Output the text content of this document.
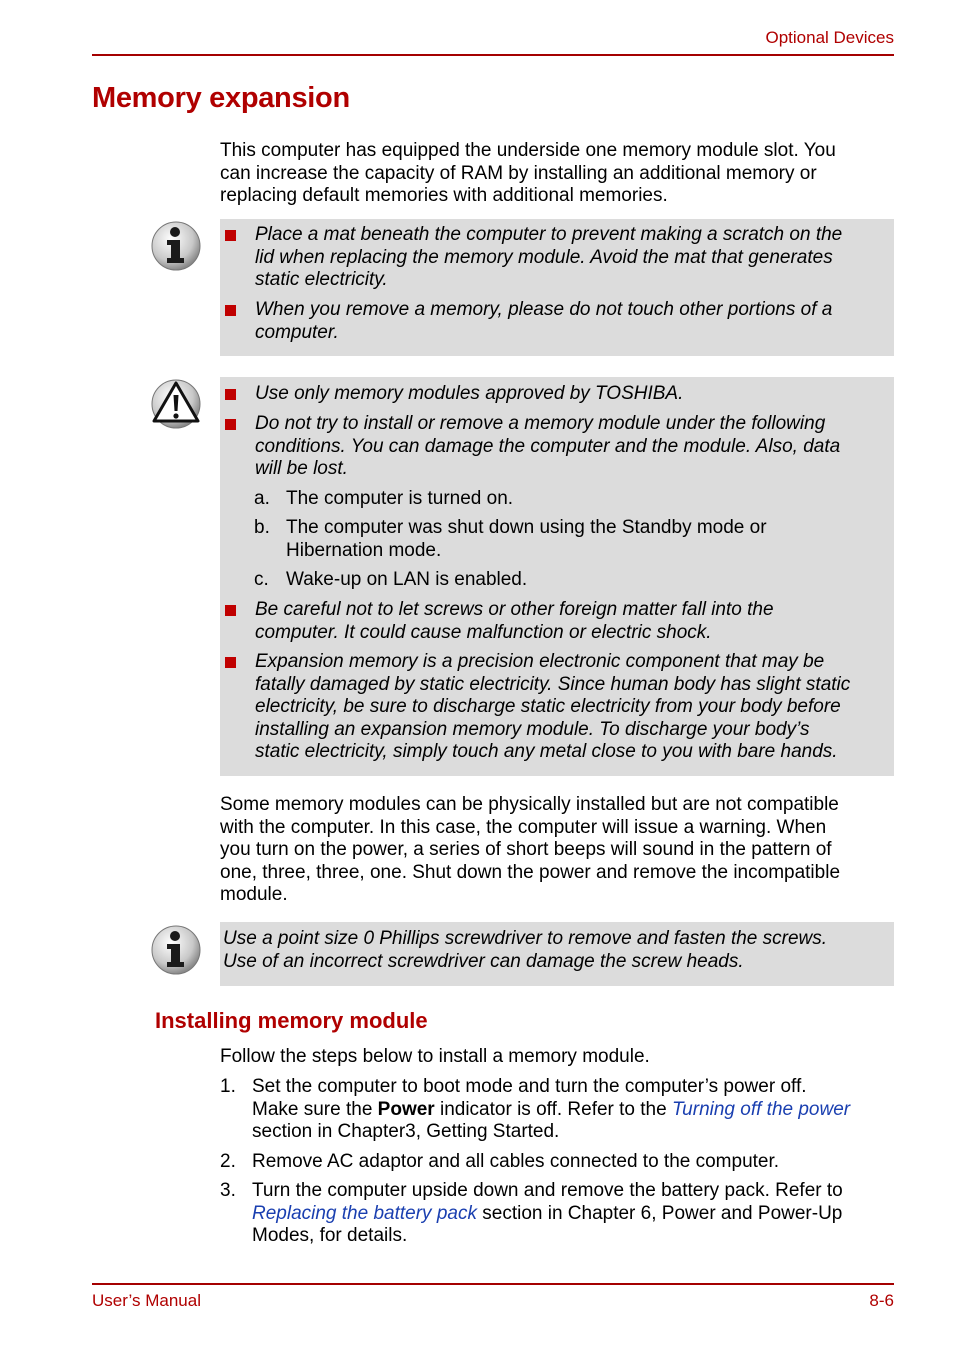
Optional Devices
Memory expansion
This computer has equipped the underside one memory module slot. You
can increase the capacity of RAM by installing an additional memory or
replacing default memories with additional memories.
Place a mat beneath the computer to prevent making a scratch on the
lid when replacing the memory module. Avoid the mat that generates
static electricity.
When you remove a memory, please do not touch other portions of a
computer.
Use only memory modules approved by TOSHIBA.
Do not try to install or remove a memory module under the following
conditions. You can damage the computer and the module. Also, data
will be lost.
a. The computer is turned on.
b. The computer was shut down using the Standby mode or
Hibernation mode.
c. Wake-up on LAN is enabled.
Be careful not to let screws or other foreign matter fall into the
computer. It could cause malfunction or electric shock.
Expansion memory is a precision electronic component that may be
fatally damaged by static electricity. Since human body has slight static
electricity, be sure to discharge static electricity from your body before
installing an expansion memory module. To discharge your body’s
static electricity, simply touch any metal close to you with bare hands.
Some memory modules can be physically installed but are not compatible
with the computer. In this case, the computer will issue a warning. When
you turn on the power, a series of short beeps will sound in the pattern of
one, three, three, one. Shut down the power and remove the incompatible
module.
Use a point size 0 Phillips screwdriver to remove and fasten the screws.
Use of an incorrect screwdriver can damage the screw heads.
Installing memory module
Follow the steps below to install a memory module.
1. Set the computer to boot mode and turn the computer’s power off.
Make sure the Power indicator is off. Refer to the Turning off the power
section in Chapter3, Getting Started.
2. Remove AC adaptor and all cables connected to the computer.
3. Turn the computer upside down and remove the battery pack. Refer to
Replacing the battery pack section in Chapter 6, Power and Power-Up
Modes, for details.
User’s Manual	8-6
